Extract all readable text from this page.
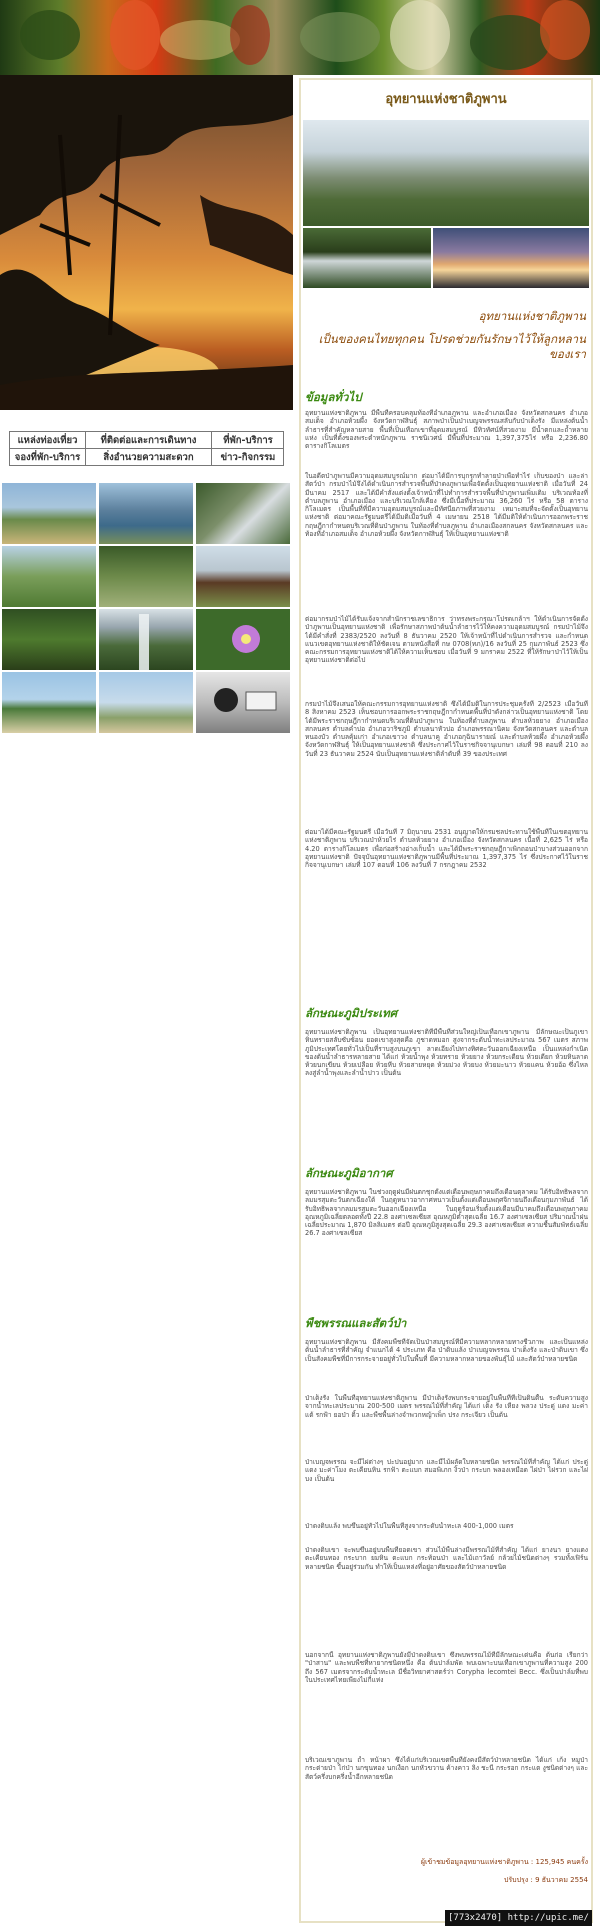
แหล่งท่องเที่ยว	ที่ติดต่อและการเดินทาง	ที่พัก-บริการ
จองที่พัก-บริการ	สิ่งอำนวยความสะดวก	ข่าว-กิจกรรม
อุทยานแห่งชาติภูพาน
อุทยานแห่งชาติภูพาน
เป็นของคนไทยทุกคน โปรดช่วยกันรักษาไว้ให้ลูกหลานของเรา
ข้อมูลทั่วไป
อุทยานแห่งชาติภูพาน มีพื้นที่ครอบคลุมท้องที่อำเภอภูพาน และอำเภอเมือง จังหวัดสกลนคร อำเภอสมเด็จ อำเภอห้วยผึ้ง จังหวัดกาฬสินธุ์ สภาพป่าเป็นป่าเบญจพรรณสลับกับป่าเต็งรัง มีแหล่งต้นน้ำลำธารที่สำคัญหลายสาย พื้นที่เป็นเทือกเขาที่อุดมสมบูรณ์ มีทิวทัศน์ที่สวยงาม มีน้ำตกและถ้ำหลายแห่ง เป็นที่ตั้งของพระตำหนักภูพาน ราชนิเวศน์ มีพื้นที่ประมาณ 1,397,375ไร่ หรือ 2,236.80 ตารางกิโลเมตร
ในอดีตป่าภูพานมีความอุดมสมบูรณ์มาก ต่อมาได้มีการบุกรุกทำลายป่าเพื่อทำไร่ เก็บของป่า และล่าสัตว์ป่า กรมป่าไม้จึงได้ดำเนินการสำรวจพื้นที่ป่าดงภูพานเพื่อจัดตั้งเป็นอุทยานแห่งชาติ เมื่อวันที่ 24 มีนาคม 2517 และได้มีคำสั่งแต่งตั้งเจ้าหน้าที่ไปทำการสำรวจพื้นที่ป่าภูพานเพิ่มเติม บริเวณท้องที่ตำบลภูพาน อำเภอเมือง และบริเวณใกล้เคียง ซึ่งมีเนื้อที่ประมาณ 36,260 ไร่ หรือ 58 ตารางกิโลเมตร เป็นพื้นที่ที่มีความอุดมสมบูรณ์และมีทัศนียภาพที่สวยงาม เหมาะสมที่จะจัดตั้งเป็นอุทยานแห่งชาติ ต่อมาคณะรัฐมนตรีได้มีมติเมื่อวันที่ 4 เมษายน 2518 ได้มีมติให้ดำเนินการออกพระราชกฤษฎีกากำหนดบริเวณที่ดินป่าภูพาน ในท้องที่ตำบลภูพาน อำเภอเมืองสกลนคร จังหวัดสกลนคร และท้องที่อำเภอสมเด็จ อำเภอห้วยผึ้ง จังหวัดกาฬสินธุ์ ให้เป็นอุทยานแห่งชาติ
ต่อมากรมป่าไม้ได้รับแจ้งจากสำนักราชเลขาธิการ ว่าทรงพระกรุณาโปรดเกล้าฯ ให้ดำเนินการจัดตั้งป่าภูพานเป็นอุทยานแห่งชาติ เพื่อรักษาสภาพป่าต้นน้ำลำธารไว้ให้คงความอุดมสมบูรณ์ กรมป่าไม้จึงได้มีคำสั่งที่ 2383/2520 ลงวันที่ 8 ธันวาคม 2520 ให้เจ้าหน้าที่ไปดำเนินการสำรวจ และกำหนดแนวเขตอุทยานแห่งชาติให้ชัดเจน ตามหนังสือที่ กษ 0708(ทภ)/16 ลงวันที่ 25 กุมภาพันธ์ 2523 ซึ่งคณะกรรมการอุทยานแห่งชาติได้ให้ความเห็นชอบ เมื่อวันที่ 9 มกราคม 2522 ที่ให้รักษาป่าไว้ให้เป็นอุทยานแห่งชาติต่อไป
กรมป่าไม้จึงเสนอให้คณะกรรมการอุทยานแห่งชาติ ซึ่งได้มีมติในการประชุมครั้งที่ 2/2523 เมื่อวันที่ 8 สิงหาคม 2523 เห็นชอบการออกพระราชกฤษฎีกากำหนดพื้นที่ป่าดังกล่าวเป็นอุทยานแห่งชาติ โดยได้มีพระราชกฤษฎีกากำหนดบริเวณที่ดินป่าภูพาน ในท้องที่ตำบลภูพาน ตำบลห้วยยาง อำเภอเมืองสกลนคร ตำบลคำบ่อ อำเภอวาริชภูมิ ตำบลนาหัวบ่อ อำเภอพรรณานิคม จังหวัดสกลนคร และตำบลหนองบัว ตำบลคุ้มเก่า อำเภอเขาวง ตำบลนาคู อำเภอกุฉินารายณ์ และตำบลห้วยผึ้ง อำเภอห้วยผึ้ง จังหวัดกาฬสินธุ์ ให้เป็นอุทยานแห่งชาติ ซึ่งประกาศไว้ในราชกิจจานุเบกษา เล่มที่ 98 ตอนที่ 210 ลงวันที่ 23 ธันวาคม 2524 นับเป็นอุทยานแห่งชาติลำดับที่ 39 ของประเทศ
ต่อมาได้มีคณะรัฐมนตรี เมื่อวันที่ 7 มิถุนายน 2531 อนุญาตให้กรมชลประทานใช้พื้นที่ในเขตอุทยานแห่งชาติภูพาน บริเวณป่าห้วยไร่ ตำบลห้วยยาง อำเภอเมือง จังหวัดสกลนคร เนื้อที่ 2,625 ไร่ หรือ 4.20 ตารางกิโลเมตร เพื่อก่อสร้างอ่างเก็บน้ำ และได้มีพระราชกฤษฎีกาเพิกถอนป่าบางส่วนออกจากอุทยานแห่งชาติ ปัจจุบันอุทยานแห่งชาติภูพานมีพื้นที่ประมาณ 1,397,375 ไร่ ซึ่งประกาศไว้ในราชกิจจานุเบกษา เล่มที่ 107 ตอนที่ 106 ลงวันที่ 7 กรกฎาคม 2532
ลักษณะภูมิประเทศ
อุทยานแห่งชาติภูพาน เป็นอุทยานแห่งชาติที่มีพื้นที่ส่วนใหญ่เป็นเทือกเขาภูพาน มีลักษณะเป็นภูเขาหินทรายสลับซับซ้อน ยอดเขาสูงสุดคือ ภูชาดหมอก สูงจากระดับน้ำทะเลประมาณ 567 เมตร สภาพภูมิประเทศโดยทั่วไปเป็นที่ราบสูงบนภูเขา ลาดเอียงไปทางทิศตะวันออกเฉียงเหนือ เป็นแหล่งกำเนิดของต้นน้ำลำธารหลายสาย ได้แก่ ห้วยน้ำพุง ห้วยทราย ห้วยยาง ห้วยกระเดียน ห้วยเดียก ห้วยหินลาด ห้วยนกเขียน ห้วยเปลือย ห้วยหีบ ห้วยสายหยุด ห้วยม่วง ห้วยบง ห้วยมะนาว ห้วยแคน ห้วยอ้อ ซึ่งไหลลงสู่ลำน้ำพุงและลำน้ำปาว เป็นต้น
ลักษณะภูมิอากาศ
อุทยานแห่งชาติภูพาน ในช่วงฤดูฝนมีฝนตกชุกตั้งแต่เดือนพฤษภาคมถึงเดือนตุลาคม ได้รับอิทธิพลจากลมมรสุมตะวันตกเฉียงใต้ ในฤดูหนาวอากาศหนาวเย็นตั้งแต่เดือนพฤศจิกายนถึงเดือนกุมภาพันธ์ ได้รับอิทธิพลจากลมมรสุมตะวันออกเฉียงเหนือ ในฤดูร้อนเริ่มตั้งแต่เดือนมีนาคมถึงเดือนพฤษภาคม อุณหภูมิเฉลี่ยตลอดทั้งปี 22.8 องศาเซลเซียส อุณหภูมิต่ำสุดเฉลี่ย 16.7 องศาเซลเซียส ปริมาณน้ำฝนเฉลี่ยประมาณ 1,870 มิลลิเมตร ต่อปี อุณหภูมิสูงสุดเฉลี่ย 29.3 องศาเซลเซียส ความชื้นสัมพัทธ์เฉลี่ย 26.7 องศาเซลเซียส
พืชพรรณและสัตว์ป่า
อุทยานแห่งชาติภูพาน มีสังคมพืชที่จัดเป็นป่าสมบูรณ์ที่มีความหลากหลายทางชีวภาพ และเป็นแหล่งต้นน้ำลำธารที่สำคัญ จำแนกได้ 4 ประเภท คือ ป่าดิบแล้ง ป่าเบญจพรรณ ป่าเต็งรัง และป่าดิบเขา ซึ่งเป็นสังคมพืชที่มีการกระจายอยู่ทั่วไปในพื้นที่ มีความหลากหลายของพันธุ์ไม้ และสัตว์ป่าหลายชนิด
ป่าเต็งรัง ในพื้นที่อุทยานแห่งชาติภูพาน มีป่าเต็งรังพบกระจายอยู่ในพื้นที่ที่เป็นดินตื้น ระดับความสูงจากน้ำทะเลประมาณ 200-500 เมตร พรรณไม้ที่สำคัญ ได้แก่ เต็ง รัง เหียง พลวง ประดู่ แดง มะค่าแต้ รกฟ้า ยอป่า ติ้ว และพืชพื้นล่างจำพวกหญ้าเพ็ก ปรง กระเจียว เป็นต้น
ป่าเบญจพรรณ จะมีไผ่ต่างๆ ปะปนอยู่มาก และมีไม้ผลัดใบหลายชนิด พรรณไม้ที่สำคัญ ได้แก่ ประดู่ แดง มะค่าโมง ตะเคียนหิน รกฟ้า ตะแบก สมอพิเภก งิ้วป่า กระบก พลองเหมือด ไผ่ป่า ไผ่รวก และไผ่บง เป็นต้น
ป่าดงดิบแล้ง พบขึ้นอยู่ทั่วไปในพื้นที่สูงจากระดับน้ำทะเล 400-1,000 เมตร
ป่าดงดิบเขา จะพบขึ้นอยู่บนพื้นที่ยอดเขา ส่วนไม้พื้นล่างมีพรรณไม้ที่สำคัญ ได้แก่ ยางนา ยางแดง ตะเคียนทอง กระบาก ยมหิน ตะแบก กระท้อนป่า และไม้เถาวัลย์ กล้วยไม้ชนิดต่างๆ รวมทั้งเฟิร์นหลายชนิด ขึ้นอยู่ร่วมกัน ทำให้เป็นแหล่งที่อยู่อาศัยของสัตว์ป่าหลายชนิด
นอกจากนี้ อุทยานแห่งชาติภูพานยังมีป่าดงดิบเขา ซึ่งพบพรรณไม้ที่มีลักษณะเด่นคือ ต้นก่อ เรียกว่า "ป่าสาน" และพบพืชที่หายากชนิดหนึ่ง คือ ต้นปาล์มพัด พบเฉพาะบนเทือกเขาภูพานที่ความสูง 200 ถึง 567 เมตรจากระดับน้ำทะเล มีชื่อวิทยาศาสตร์ว่า Corypha lecomtei Becc. ซึ่งเป็นปาล์มที่พบในประเทศไทยเพียงไม่กี่แห่ง
บริเวณเขาภูพาน ถ้ำ หน้าผา ซึ่งได้แก่บริเวณเขตพื้นที่ยังคงมีสัตว์ป่าหลายชนิด ได้แก่ เก้ง หมูป่า กระต่ายป่า ไก่ป่า นกขุนทอง นกเงือก นกหัวขวาน ค้างคาว ลิง ชะนี กระรอก กระแต งูชนิดต่างๆ และสัตว์ครึ่งบกครึ่งน้ำอีกหลายชนิด
ผู้เข้าชมข้อมูลอุทยานแห่งชาติภูพาน : 125,945 คนครั้ง
ปรับปรุง : 9 ธันวาคม 2554
[773x2470] http://upic.me/
